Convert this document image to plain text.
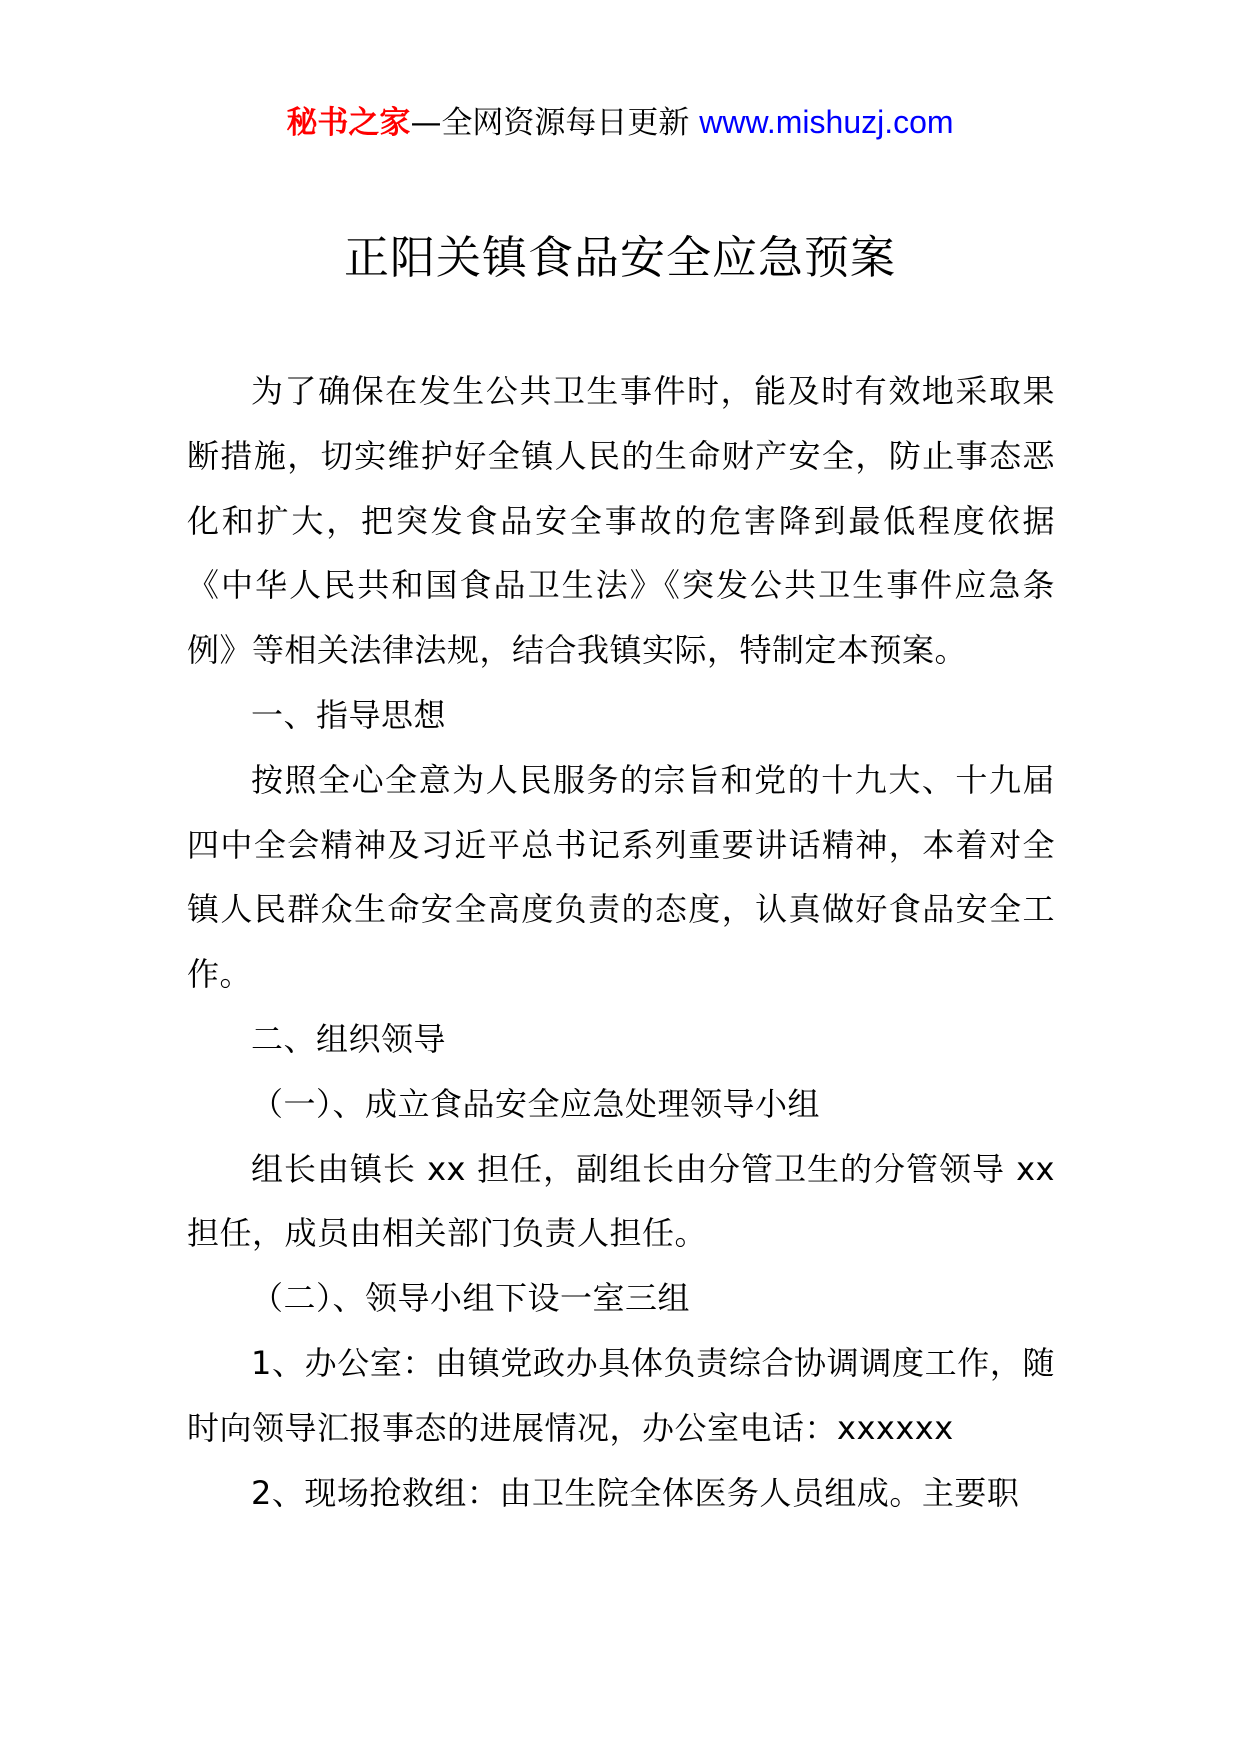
秘书之家—全网资源每日更新 www.mishuzj.com
正阳关镇食品安全应急预案

为了确保在发生公共卫生事件时，能及时有效地采取果断措施，切实维护好全镇人民的生命财产安全，防止事态恶化和扩大，把突发食品安全事故的危害降到最低程度依据《中华人民共和国食品卫生法》《突发公共卫生事件应急条例》等相关法律法规，结合我镇实际，特制定本预案。

一、指导思想

按照全心全意为人民服务的宗旨和党的十九大、十九届四中全会精神及习近平总书记系列重要讲话精神，本着对全镇人民群众生命安全高度负责的态度，认真做好食品安全工作。

二、组织领导

（一）、成立食品安全应急处理领导小组

组长由镇长 xx 担任，副组长由分管卫生的分管领导 xx 担任，成员由相关部门负责人担任。

（二）、领导小组下设一室三组

1、办公室：由镇党政办具体负责综合协调调度工作，随时向领导汇报事态的进展情况，办公室电话：xxxxxx

2、现场抢救组：由卫生院全体医务人员组成。主要职
